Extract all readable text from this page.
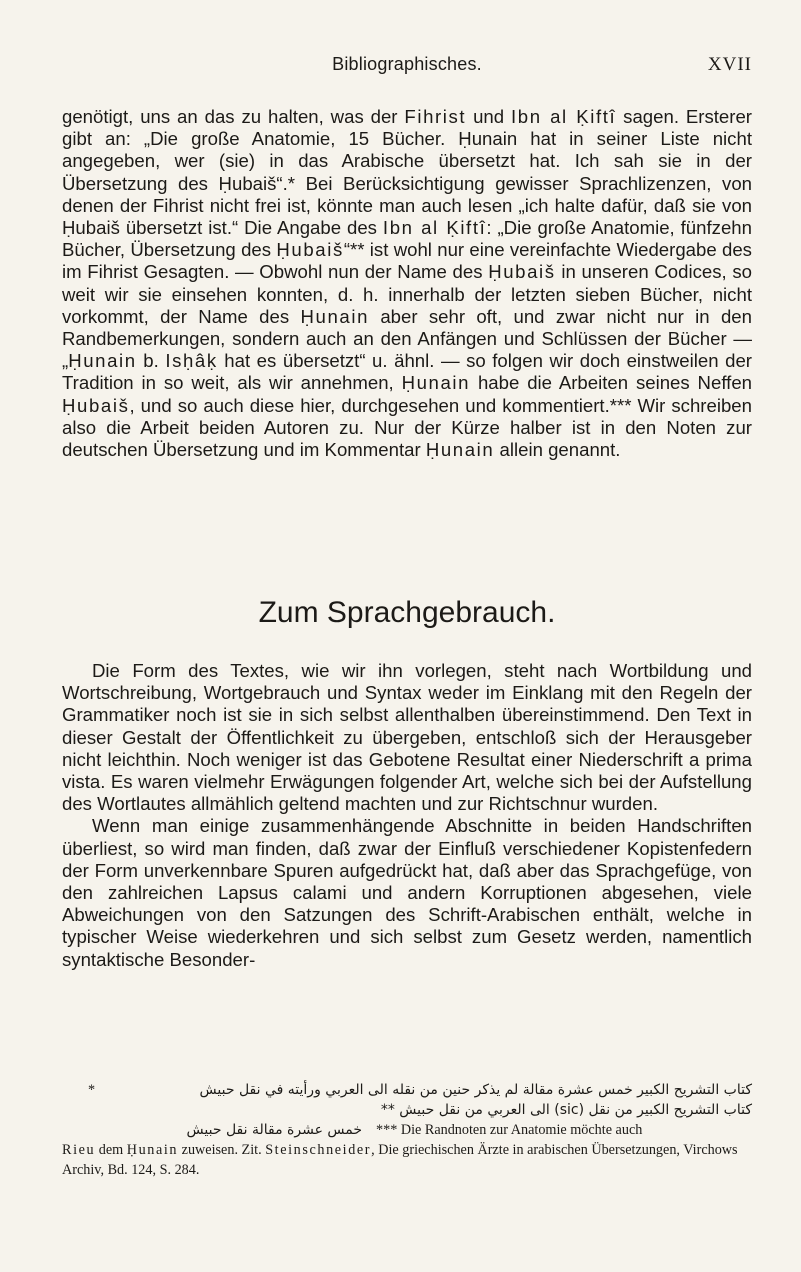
Bibliographisches.	XVII

genötigt, uns an das zu halten, was der Fihrist und Ibn al Ḳiftî sagen. Ersterer gibt an: „Die große Anatomie, 15 Bücher. Ḥunain hat in seiner Liste nicht angegeben, wer (sie) in das Arabische übersetzt hat. Ich sah sie in der Übersetzung des Ḥubaiš“.* Bei Berücksichtigung gewisser Sprachlizenzen, von denen der Fihrist nicht frei ist, könnte man auch lesen „ich halte dafür, daß sie von Ḥubaiš übersetzt ist.“ Die Angabe des Ibn al Ḳiftî: „Die große Anatomie, fünfzehn Bücher, Übersetzung des Ḥubaiš“** ist wohl nur eine vereinfachte Wiedergabe des im Fihrist Gesagten. — Obwohl nun der Name des Ḥubaiš in unseren Codices, so weit wir sie einsehen konnten, d. h. innerhalb der letzten sieben Bücher, nicht vorkommt, der Name des Ḥunain aber sehr oft, und zwar nicht nur in den Randbemerkungen, sondern auch an den Anfängen und Schlüssen der Bücher — „Ḥunain b. Isḥâḳ hat es übersetzt“ u. ähnl. — so folgen wir doch einstweilen der Tradition in so weit, als wir annehmen, Ḥunain habe die Arbeiten seines Neffen Ḥubaiš, und so auch diese hier, durchgesehen und kommentiert.*** Wir schreiben also die Arbeit beiden Autoren zu. Nur der Kürze halber ist in den Noten zur deutschen Übersetzung und im Kommentar Ḥunain allein genannt.

Zum Sprachgebrauch.

Die Form des Textes, wie wir ihn vorlegen, steht nach Wortbildung und Wortschreibung, Wortgebrauch und Syntax weder im Einklang mit den Regeln der Grammatiker noch ist sie in sich selbst allenthalben übereinstimmend. Den Text in dieser Gestalt der Öffentlichkeit zu übergeben, entschloß sich der Herausgeber nicht leichthin. Noch weniger ist das Gebotene Resultat einer Niederschrift a prima vista. Es waren vielmehr Erwägungen folgender Art, welche sich bei der Aufstellung des Wortlautes allmählich geltend machten und zur Richtschnur wurden.

Wenn man einige zusammenhängende Abschnitte in beiden Handschriften überliest, so wird man finden, daß zwar der Einfluß verschiedener Kopistenfedern der Form unverkennbare Spuren aufgedrückt hat, daß aber das Sprachgefüge, von den zahlreichen Lapsus calami und andern Korruptionen abgesehen, viele Abweichungen von den Satzungen des Schrift-Arabischen enthält, welche in typischer Weise wiederkehren und sich selbst zum Gesetz werden, namentlich syntaktische Besonder-

*	كتاب التشريح الكبير خمس عشرة مقالة لم يذكر حنين من نقله الى العربي ورأيته في نقل حبيش
كتاب التشريح الكبير من نقل (sic) الى العربي من نقل حبيش **
خمس عشرة مقالة نقل حبيش *** Die Randnoten zur Anatomie möchte auch
Rieu dem Ḥunain zuweisen. Zit. Steinschneider, Die griechischen Ärzte in arabischen Übersetzungen, Virchows Archiv, Bd. 124, S. 284.
